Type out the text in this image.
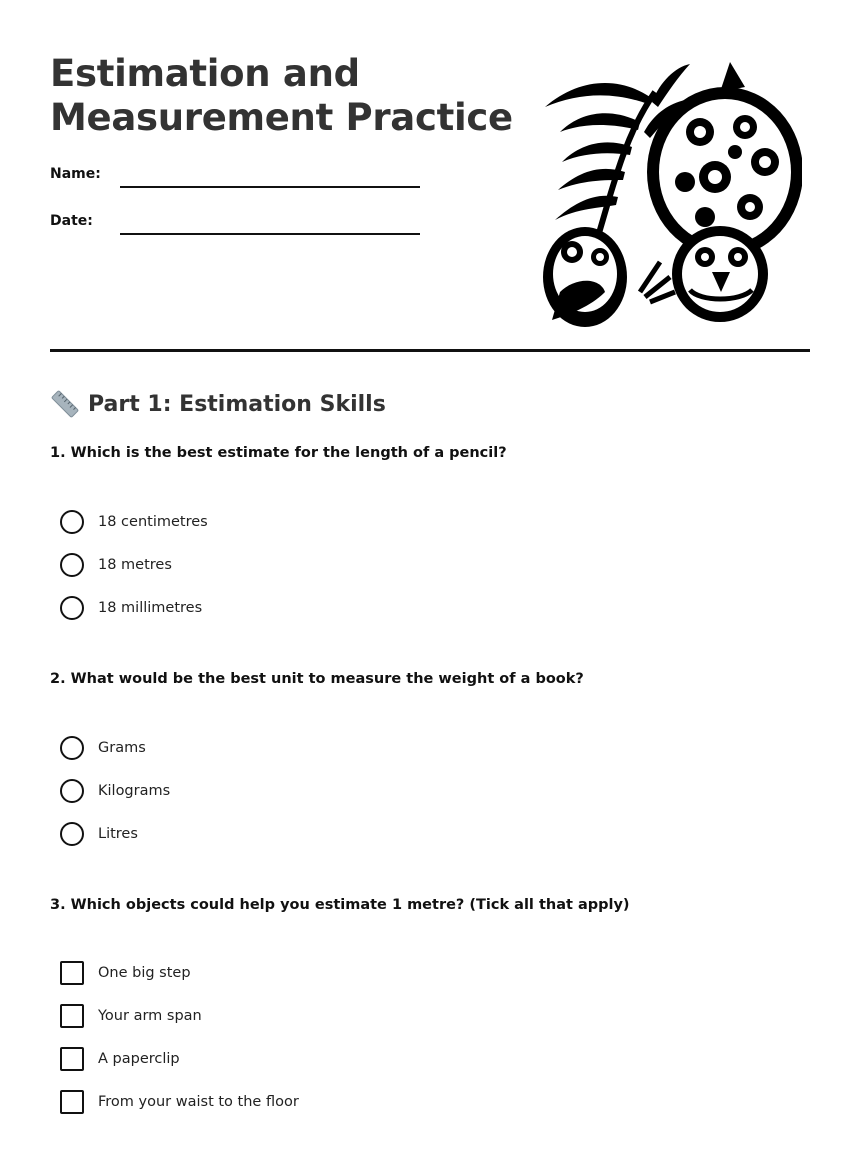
Estimation and
Measurement Practice
Name:
Date:
Part 1: Estimation Skills

1. Which is the best estimate for the length of a pencil?

18 centimetres
18 metres
18 millimetres

2. What would be the best unit to measure the weight of a book?

Grams
Kilograms
Litres

3. Which objects could help you estimate 1 metre? (Tick all that apply)

One big step
Your arm span
A paperclip
From your waist to the floor
